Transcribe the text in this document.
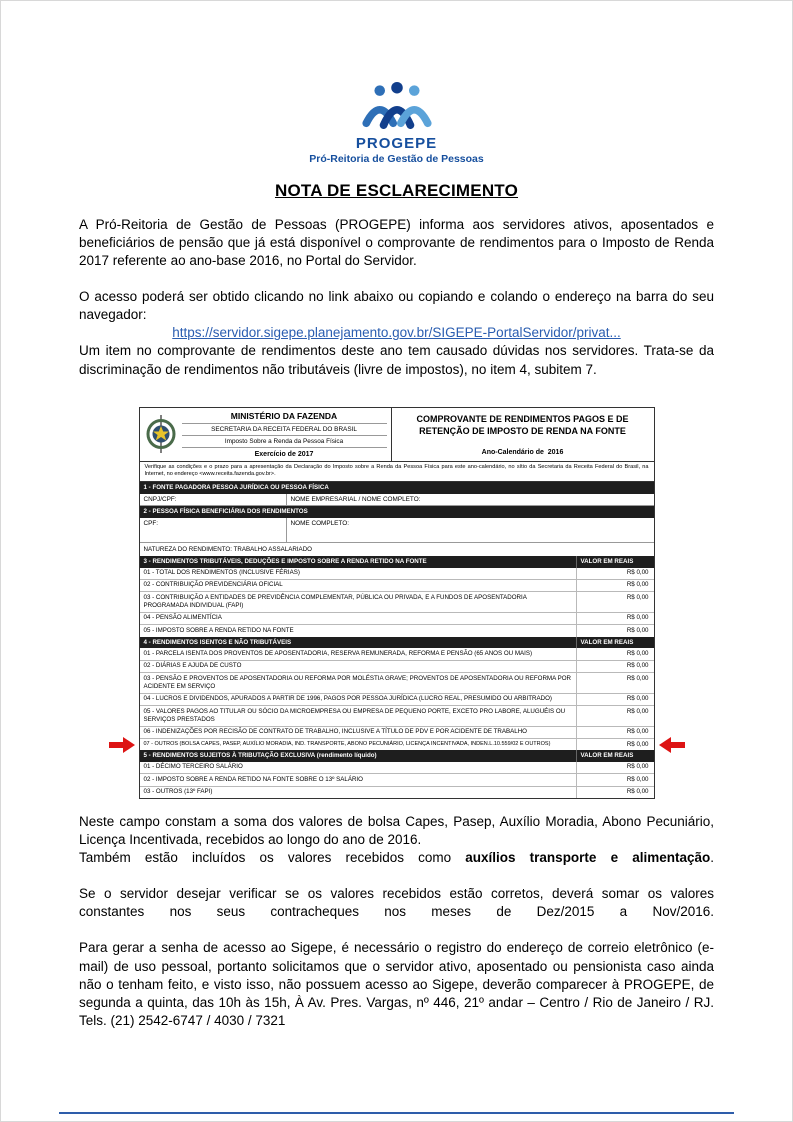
PROGEPE
Pró-Reitoria de Gestão de Pessoas
NOTA DE ESCLARECIMENTO

A Pró-Reitoria de Gestão de Pessoas (PROGEPE) informa aos servidores ativos, aposentados e beneficiários de pensão que já está disponível o comprovante de rendimentos para o Imposto de Renda 2017 referente ao ano-base 2016, no Portal do Servidor.

O acesso poderá ser obtido clicando no link abaixo ou copiando e colando o endereço na barra do seu navegador:

https://servidor.sigepe.planejamento.gov.br/SIGEPE-PortalServidor/privat...

Um item no comprovante de rendimentos deste ano tem causado dúvidas nos servidores. Trata-se da discriminação de rendimentos não tributáveis (livre de impostos), no item 4, subitem 7.

MINISTÉRIO DA FAZENDA
SECRETARIA DA RECEITA FEDERAL DO BRASIL
Imposto Sobre a Renda da Pessoa Física
Exercício de 2017
COMPROVANTE DE RENDIMENTOS PAGOS E DE RETENÇÃO DE IMPOSTO DE RENDA NA FONTE
Ano-Calendário de 2016
Verifique as condições e o prazo para a apresentação da Declaração do Imposto sobre a Renda da Pessoa Física para este ano-calendário, no sítio da Secretaria da Receita Federal do Brasil, na Internet, no endereço <www.receita.fazenda.gov.br>.
1 - FONTE PAGADORA PESSOA JURÍDICA OU PESSOA FÍSICA
CNPJ/CPF:	NOME EMPRESARIAL / NOME COMPLETO:
2 - PESSOA FÍSICA BENEFICIÁRIA DOS RENDIMENTOS
CPF:	NOME COMPLETO:
NATUREZA DO RENDIMENTO: TRABALHO ASSALARIADO
3 - RENDIMENTOS TRIBUTÁVEIS, DEDUÇÕES E IMPOSTO SOBRE A RENDA RETIDO NA FONTE	VALOR EM REAIS
01 - TOTAL DOS RENDIMENTOS (INCLUSIVE FÉRIAS)	R$ 0,00
02 - CONTRIBUIÇÃO PREVIDENCIÁRIA OFICIAL	R$ 0,00
03 - CONTRIBUIÇÃO A ENTIDADES DE PREVIDÊNCIA COMPLEMENTAR, PÚBLICA OU PRIVADA, E A FUNDOS DE APOSENTADORIA PROGRAMADA INDIVIDUAL (FAPI)
R$ 0,00
04 - PENSÃO ALIMENTÍCIA	R$ 0,00
05 - IMPOSTO SOBRE A RENDA RETIDO NA FONTE	R$ 0,00
4 - RENDIMENTOS ISENTOS E NÃO TRIBUTÁVEIS	VALOR EM REAIS
01 - PARCELA ISENTA DOS PROVENTOS DE APOSENTADORIA, RESERVA REMUNERADA, REFORMA E PENSÃO (65 ANOS OU MAIS)	R$ 0,00
02 - DIÁRIAS E AJUDA DE CUSTO	R$ 0,00
03 - PENSÃO E PROVENTOS DE APOSENTADORIA OU REFORMA POR MOLÉSTIA GRAVE; PROVENTOS DE APOSENTADORIA OU REFORMA POR ACIDENTE EM SERVIÇO
R$ 0,00
04 - LUCROS E DIVIDENDOS, APURADOS A PARTIR DE 1996, PAGOS POR PESSOA JURÍDICA (LUCRO REAL, PRESUMIDO OU ARBITRADO)	R$ 0,00
05 - VALORES PAGOS AO TITULAR OU SÓCIO DA MICROEMPRESA OU EMPRESA DE PEQUENO PORTE, EXCETO PRO LABORE, ALUGUÉIS OU SERVIÇOS PRESTADOS
R$ 0,00
06 - INDENIZAÇÕES POR RECISÃO DE CONTRATO DE TRABALHO, INCLUSIVE A TÍTULO DE PDV E POR ACIDENTE DE TRABALHO	R$ 0,00
07 - OUTROS (BOLSA CAPES, PASEP, AUXÍLIO MORADIA, IND. TRANSPORTE, ABONO PECUNIÁRIO, LICENÇA INCENTIVADA, INDEN.L.10.559/02 E OUTROS)	R$ 0,00
5 - RENDIMENTOS SUJEITOS À TRIBUTAÇÃO EXCLUSIVA (rendimento líquido)	VALOR EM REAIS
01 - DÉCIMO TERCEIRO SALÁRIO	R$ 0,00
02 - IMPOSTO SOBRE A RENDA RETIDO NA FONTE SOBRE O 13º SALÁRIO	R$ 0,00
03 - OUTROS (13º FAPI)	R$ 0,00

Neste campo constam a soma dos valores de bolsa Capes, Pasep, Auxílio Moradia, Abono Pecuniário, Licença Incentivada, recebidos ao longo do ano de 2016.

Também estão incluídos os valores recebidos como auxílios transporte e alimentação.

Se o servidor desejar verificar se os valores recebidos estão corretos, deverá somar os valores constantes nos seus contracheques nos meses de Dez/2015 a Nov/2016.

Para gerar a senha de acesso ao Sigepe, é necessário o registro do endereço de correio eletrônico (e-mail) de uso pessoal, portanto solicitamos que o servidor ativo, aposentado ou pensionista caso ainda não o tenham feito, e visto isso, não possuem acesso ao Sigepe, deverão comparecer à PROGEPE, de segunda a quinta, das 10h às 15h, À Av. Pres. Vargas, nº 446, 21º andar – Centro / Rio de Janeiro / RJ. Tels. (21) 2542-6747 / 4030 / 7321
